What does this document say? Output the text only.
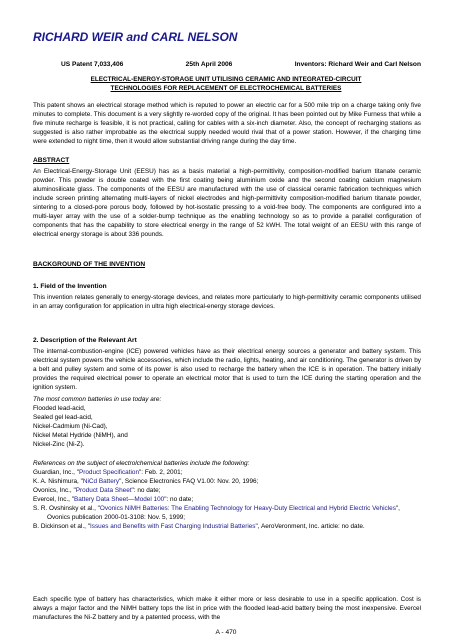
RICHARD WEIR and CARL NELSON
US Patent 7,033,406	25th April 2006	Inventors: Richard Weir and Carl Nelson
ELECTRICAL-ENERGY-STORAGE UNIT UTILISING CERAMIC AND INTEGRATED-CIRCUIT
TECHNOLOGIES FOR REPLACEMENT OF ELECTROCHEMICAL BATTERIES
This patent shows an electrical storage method which is reputed to power an electric car for a 500 mile trip on a charge taking only five minutes to complete. This document is a very slightly re-worded copy of the original. It has been pointed out by Mike Furness that while a five minute recharge is feasible, it is not practical, calling for cables with a six-inch diameter. Also, the concept of recharging stations as suggested is also rather improbable as the electrical supply needed would rival that of a power station. However, if the charging time were extended to night time, then it would allow substantial driving range during the day time.
ABSTRACT
An Electrical-Energy-Storage Unit (EESU) has as a basis material a high-permittivity, composition-modified barium titanate ceramic powder. This powder is double coated with the first coating being aluminium oxide and the second coating calcium magnesium aluminosilicate glass. The components of the EESU are manufactured with the use of classical ceramic fabrication techniques which include screen printing alternating multi-layers of nickel electrodes and high-permittivity composition-modified barium titanate powder, sintering to a closed-pore porous body, followed by hot-isostatic pressing to a void-free body. The components are configured into a multi-layer array with the use of a solder-bump technique as the enabling technology so as to provide a parallel configuration of components that has the capability to store electrical energy in the range of 52 kWH. The total weight of an EESU with this range of electrical energy storage is about 336 pounds.
BACKGROUND OF THE INVENTION
1. Field of the Invention
This invention relates generally to energy-storage devices, and relates more particularly to high-permittivity ceramic components utilised in an array configuration for application in ultra high electrical-energy storage devices.
2. Description of the Relevant Art
The internal-combustion-engine (ICE) powered vehicles have as their electrical energy sources a generator and battery system. This electrical system powers the vehicle accessories, which include the radio, lights, heating, and air conditioning. The generator is driven by a belt and pulley system and some of its power is also used to recharge the battery when the ICE is in operation. The battery initially provides the required electrical power to operate an electrical motor that is used to turn the ICE during the starting operation and the ignition system.
The most common batteries in use today are:
Flooded lead-acid,
Sealed gel lead-acid,
Nickel-Cadmium (Ni-Cad),
Nickel Metal Hydride (NiMH), and
Nickel-Zinc (Ni-Z).
References on the subject of electrolchemical batteries include the following:
Guardian, Inc., "Product Specification": Feb. 2, 2001;
K. A. Nishimura, "NiCd Battery", Science Electronics FAQ V1.00: Nov. 20, 1996;
Ovonics, Inc., "Product Data Sheet": no date;
Evercel, Inc., "Battery Data Sheet—Model 100": no date;
S. R. Ovshinsky et al., "Ovonics NiMH Batteries: The Enabling Technology for Heavy-Duty Electrical and Hybrid Electric Vehicles", Ovonics publication 2000-01-3108: Nov. 5, 1999;
B. Dickinson et al., "Issues and Benefits with Fast Charging Industrial Batteries", AeroVeronment, Inc. article: no date.
Each specific type of battery has characteristics, which make it either more or less desirable to use in a specific application. Cost is always a major factor and the NiMH battery tops the list in price with the flooded lead-acid battery being the most inexpensive. Evercel manufactures the Ni-Z battery and by a patented process, with the
A - 470
